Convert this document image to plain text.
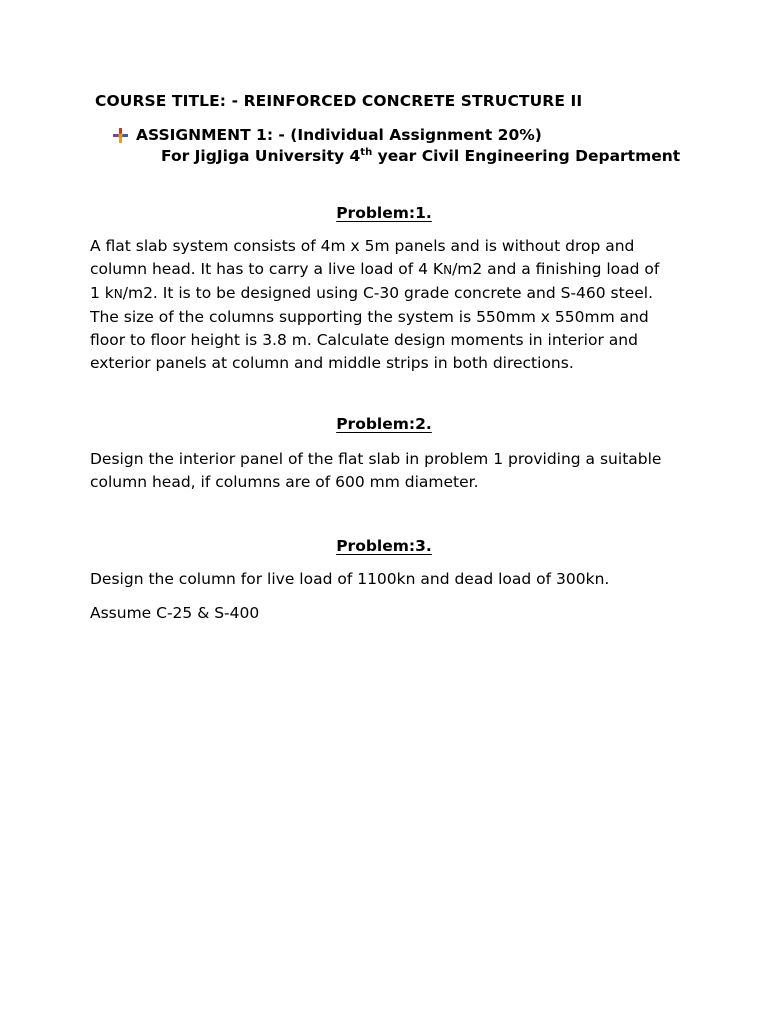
COURSE TITLE: - REINFORCED CONCRETE STRUCTURE II
ASSIGNMENT 1: - (Individual Assignment 20%)
For JigJiga University 4th year Civil Engineering Department
Problem:1.
A flat slab system consists of 4m x 5m panels and is without drop and
column head. It has to carry a live load of 4 KN/m2 and a finishing load of
1 kN/m2. It is to be designed using C-30 grade concrete and S-460 steel.
The size of the columns supporting the system is 550mm x 550mm and
floor to floor height is 3.8 m. Calculate design moments in interior and
exterior panels at column and middle strips in both directions.
Problem:2.
Design the interior panel of the flat slab in problem 1 providing a suitable
column head, if columns are of 600 mm diameter.
Problem:3.
Design the column for live load of 1100kn and dead load of 300kn.
Assume C-25 & S-400
